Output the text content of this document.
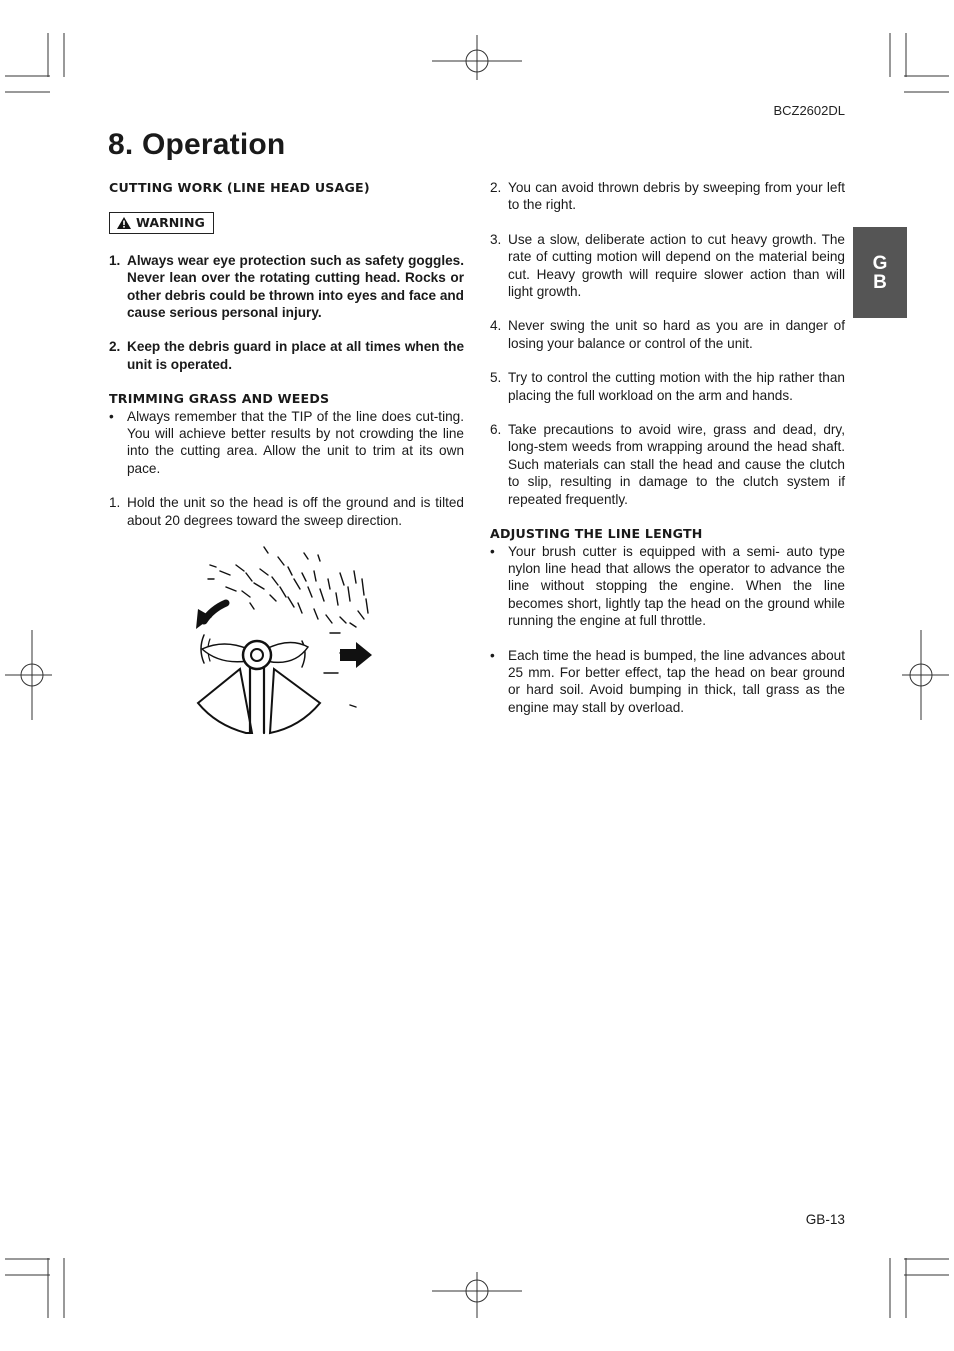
BCZ2602DL
8. Operation
G
B

CUTTING WORK (LINE HEAD USAGE)

WARNING
1. Always wear eye protection such as safety goggles. Never lean over the rotating cutting head. Rocks or other debris could be thrown into eyes and face and cause serious personal injury.
2. Keep the debris guard in place at all times when the unit is operated.

TRIMMING GRASS AND WEEDS

• Always remember that the TIP of the line does cut-ting. You will achieve better results by not crowding the line into the cutting area. Allow the unit to trim at its own pace.
1. Hold the unit so the head is off the ground and is tilted about 20 degrees toward the sweep direction.
2. You can avoid thrown debris by sweeping from your left to the right.
3. Use a slow, deliberate action to cut heavy growth. The rate of cutting motion will depend on the material being cut. Heavy growth will require slower action than will light growth.
4. Never swing the unit so hard as you are in danger of losing your balance or control of the unit.
5. Try to control the cutting motion with the hip rather than placing the full workload on the arm and hands.
6. Take precautions to avoid wire, grass and dead, dry, long-stem weeds from wrapping around the head shaft. Such materials can stall the head and cause the clutch to slip, resulting in damage to the clutch system if repeated frequently.

ADJUSTING THE LINE LENGTH

• Your brush cutter is equipped with a semi- auto type nylon line head that allows the operator to advance the line without stopping the engine. When the line becomes short, lightly tap the head on the ground while running the engine at full throttle.
• Each time the head is bumped, the line advances about 25 mm. For better effect, tap the head on bear ground or hard soil. Avoid bumping in thick, tall grass as the engine may stall by overload.
GB-13
